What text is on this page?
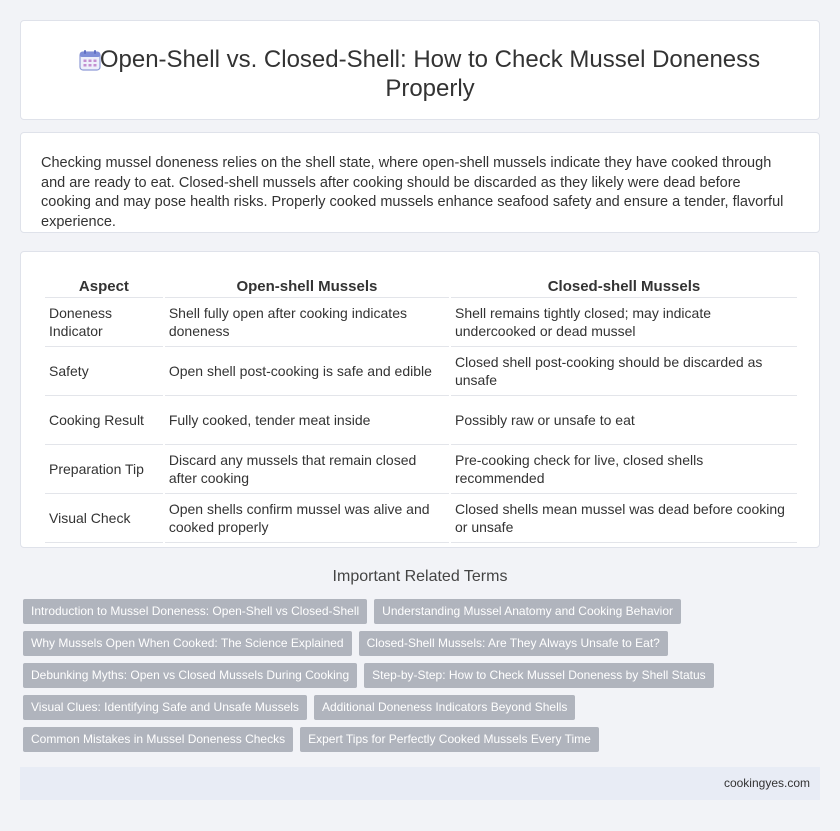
Open-Shell vs. Closed-Shell: How to Check Mussel Doneness Properly

Checking mussel doneness relies on the shell state, where open-shell mussels indicate they have cooked through and are ready to eat. Closed-shell mussels after cooking should be discarded as they likely were dead before cooking and may pose health risks. Properly cooked mussels enhance seafood safety and ensure a tender, flavorful experience.

Aspect	Open-shell Mussels	Closed-shell Mussels
Doneness Indicator	Shell fully open after cooking indicates doneness	Shell remains tightly closed; may indicate undercooked or dead mussel
Safety	Open shell post-cooking is safe and edible	Closed shell post-cooking should be discarded as unsafe
Cooking Result	Fully cooked, tender meat inside	Possibly raw or unsafe to eat
Preparation Tip	Discard any mussels that remain closed after cooking	Pre-cooking check for live, closed shells recommended
Visual Check	Open shells confirm mussel was alive and cooked properly	Closed shells mean mussel was dead before cooking or unsafe
Important Related Terms
Introduction to Mussel Doneness: Open-Shell vs Closed-Shell	Understanding Mussel Anatomy and Cooking Behavior
Why Mussels Open When Cooked: The Science Explained	Closed-Shell Mussels: Are They Always Unsafe to Eat?
Debunking Myths: Open vs Closed Mussels During Cooking	Step-by-Step: How to Check Mussel Doneness by Shell Status
Visual Clues: Identifying Safe and Unsafe Mussels	Additional Doneness Indicators Beyond Shells
Common Mistakes in Mussel Doneness Checks	Expert Tips for Perfectly Cooked Mussels Every Time
cookingyes.com
